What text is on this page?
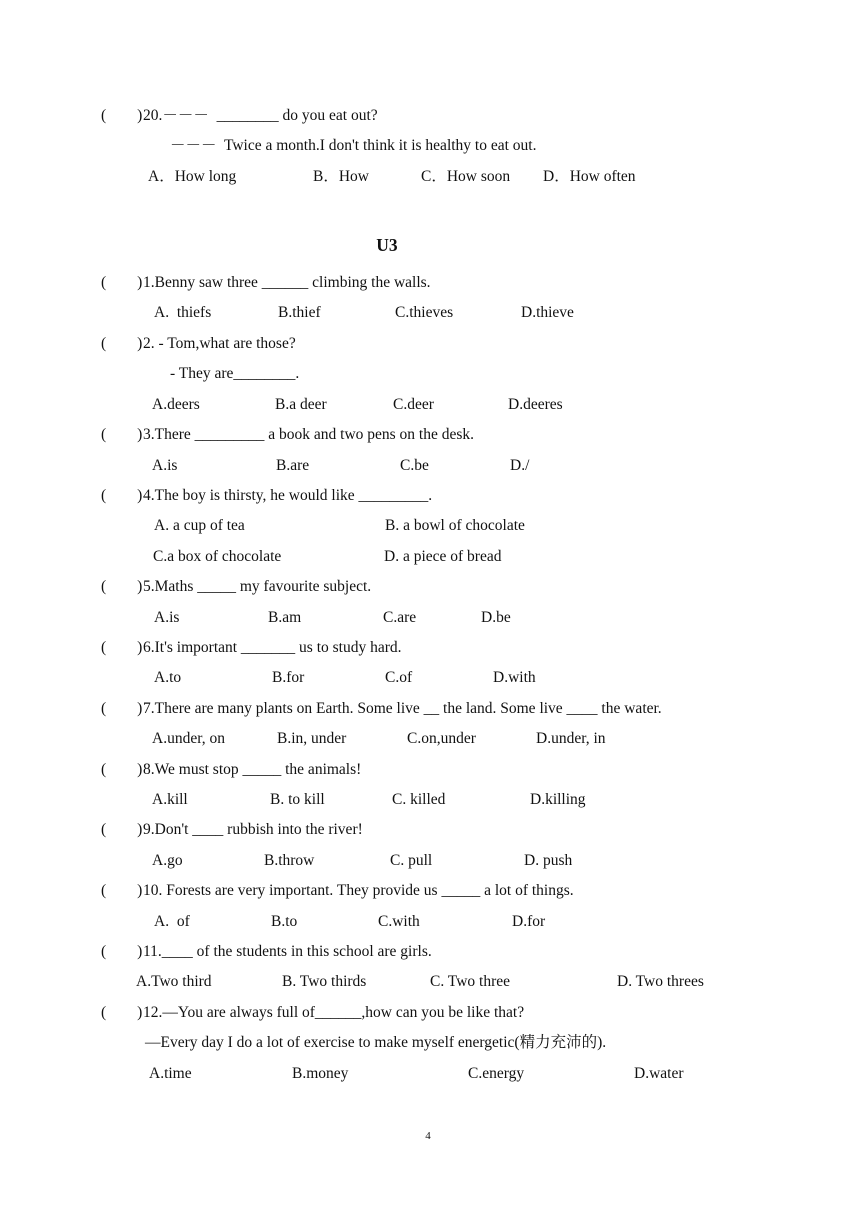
(        )

20.－－－  ________ do you eat out?

－－－  Twice a month.I don't think it is healthy to eat out.

A．How long

	B．How

	C．How soon

D．How often

U3

(        )

1.Benny saw three ______ climbing the walls.

A.  thiefs

	B.thief

	C.thieves

	D.thieve

(        )

2. - Tom,what are those?

- They are________.

A.deers

	B.a deer

	C.deer

	D.deeres

(        )

3.There _________ a book and two pens on the desk.

A.is

	B.are

	C.be

	D./

(        )

4.The boy is thirsty, he would like _________.

A. a cup of tea

	B. a bowl of chocolate

C.a box of chocolate

	D. a piece of bread

(        )

5.Maths _____ my favourite subject.

A.is

	B.am

	C.are

	D.be

(        )

6.It's important _______ us to study hard.

A.to

	B.for

	C.of

	D.with

(        )

7.There are many plants on Earth. Some live __ the land. Some live ____ the water.

A.under, on

	B.in, under

	C.on,under

	D.under, in

(        )

8.We must stop _____ the animals!

A.kill

	B. to kill

	C. killed

	D.killing

(        )

9.Don't ____ rubbish into the river!

A.go

	B.throw

	C. pull

	D. push

(        )

10. Forests are very important. They provide us _____ a lot of things.

A.  of

	B.to

	C.with

	D.for

(        )

11.____ of the students in this school are girls.

A.Two third

	B. Two thirds

	C. Two three

	D. Two threes

(        )

12.—You are always full of______,how can you be like that?

—Every day I do a lot of exercise to make myself energetic(精力充沛的).

A.time

	B.money

	C.energy

	D.water

4
